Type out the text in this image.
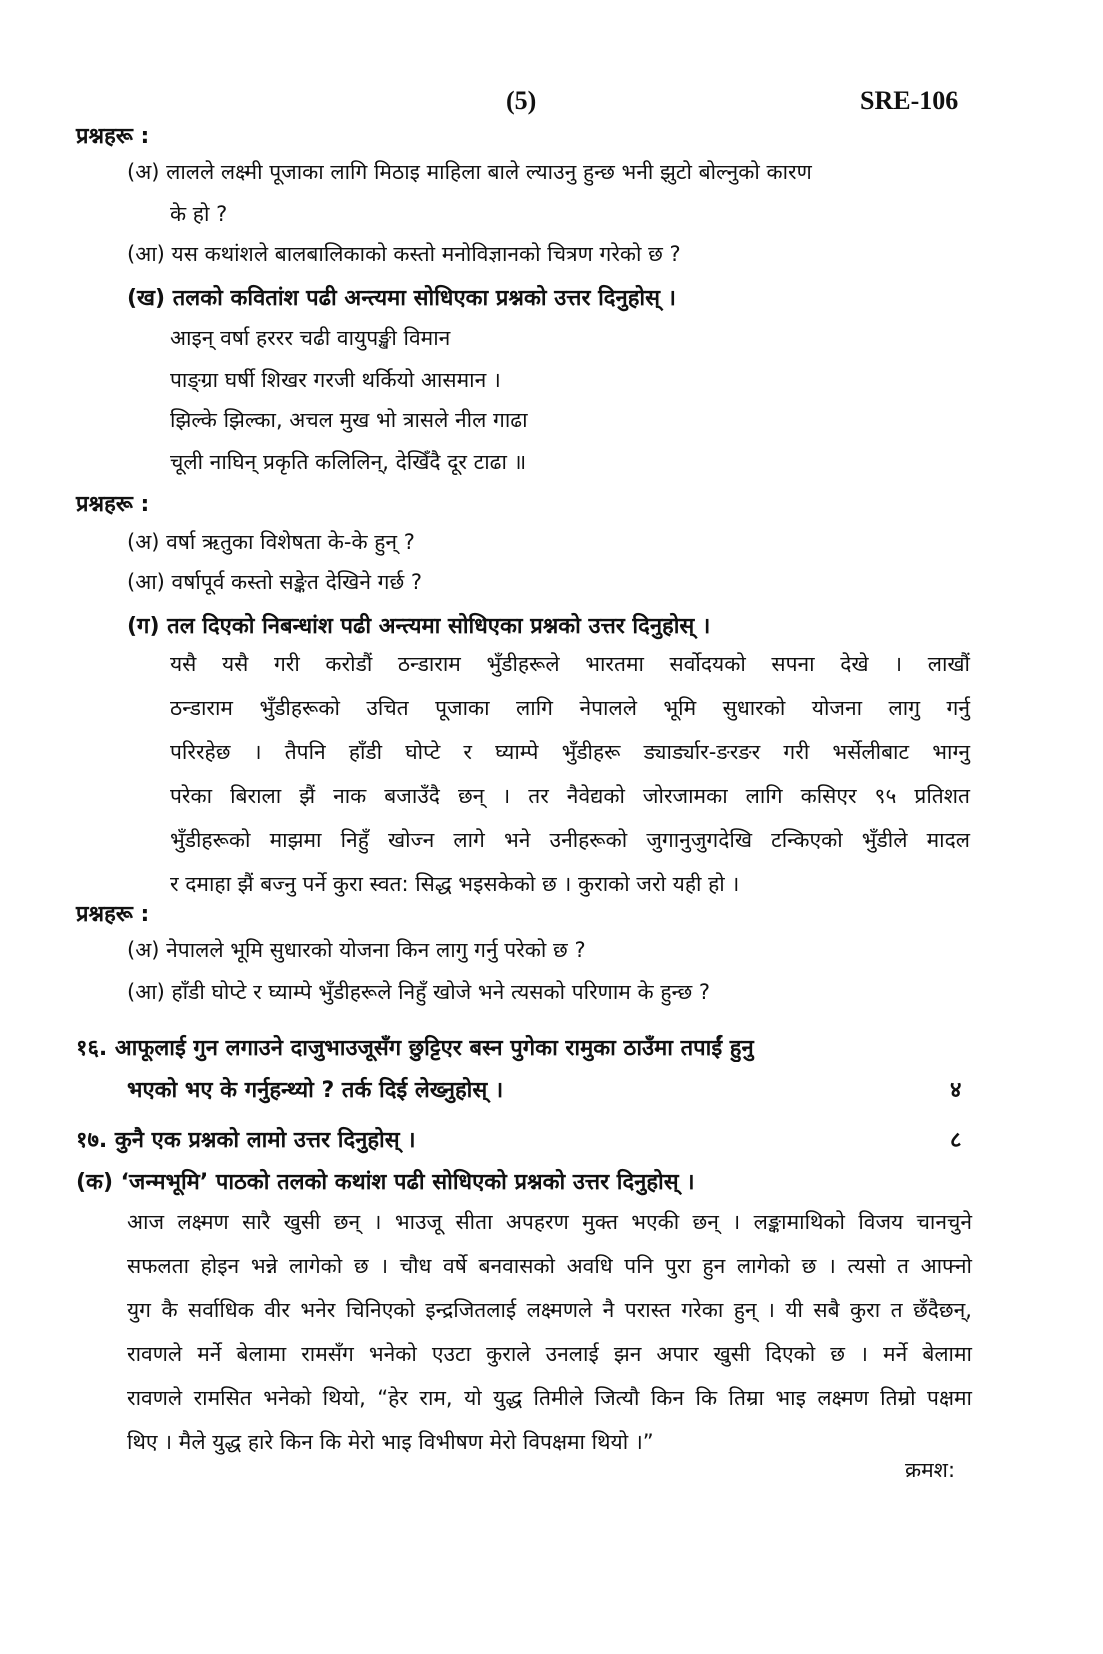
(5)	SRE-106
प्रश्नहरू :
(अ) लालले लक्ष्मी पूजाका लागि मिठाइ माहिला बाले ल्याउनु हुन्छ भनी झुटो बोल्नुको कारण
के हो ?
(आ) यस कथांशले बालबालिकाको कस्तो मनोविज्ञानको चित्रण गरेको छ ?
(ख) तलको कवितांश पढी अन्त्यमा सोधिएका प्रश्नको उत्तर दिनुहोस् ।
आइन् वर्षा हररर चढी वायुपङ्खी विमान
पाङ्ग्रा घर्षी शिखर गरजी थर्कियो आसमान ।
झिल्के झिल्का, अचल मुख भो त्रासले नील गाढा
चूली नाघिन् प्रकृति कलिलिन्, देखिँदै दूर टाढा ॥
प्रश्नहरू :
(अ) वर्षा ऋतुका विशेषता के-के हुन् ?
(आ) वर्षापूर्व कस्तो सङ्केत देखिने गर्छ ?
(ग) तल दिएको निबन्धांश पढी अन्त्यमा सोधिएका प्रश्नको उत्तर दिनुहोस् ।
यसै यसै गरी करोडौं ठन्डाराम भुँडीहरूले भारतमा सर्वोदयको सपना देखे । लाखौं
ठन्डाराम भुँडीहरूको उचित पूजाका लागि नेपालले भूमि सुधारको योजना लागु गर्नु
परिरहेछ । तैपनि हाँडी घोप्टे र घ्याम्पे भुँडीहरू ड्यार्ड्यार-ङरङर गरी भर्सेलीबाट भाग्नु
परेका बिराला झैं नाक बजाउँदै छन् । तर नैवेद्यको जोरजामका लागि कसिएर ९५ प्रतिशत
भुँडीहरूको माझमा निहुँ खोज्न लागे भने उनीहरूको जुगानुजुगदेखि टन्किएको भुँडीले मादल
र दमाहा झैं बज्नु पर्ने कुरा स्वत: सिद्ध भइसकेको छ । कुराको जरो यही हो ।
प्रश्नहरू :
(अ) नेपालले भूमि सुधारको योजना किन लागु गर्नु परेको छ ?
(आ) हाँडी घोप्टे र घ्याम्पे भुँडीहरूले निहुँ खोजे भने त्यसको परिणाम के हुन्छ ?
१६. आफूलाई गुन लगाउने दाजुभाउजूसँग छुट्टिएर बस्न पुगेका रामुका ठाउँमा तपाईं हुनु
भएको भए के गर्नुहन्थ्यो ? तर्क दिई लेख्नुहोस् ।	४
१७. कुनै एक प्रश्नको लामो उत्तर दिनुहोस् ।	८
(क) ‘जन्मभूमि’ पाठको तलको कथांश पढी सोधिएको प्रश्नको उत्तर दिनुहोस् ।
आज लक्ष्मण सारै खुसी छन् । भाउजू सीता अपहरण मुक्त भएकी छन् । लङ्कामाथिको विजय चानचुने
सफलता होइन भन्ने लागेको छ । चौध वर्षे बनवासको अवधि पनि पुरा हुन लागेको छ । त्यसो त आफ्नो
युग कै सर्वाधिक वीर भनेर चिनिएको इन्द्रजितलाई लक्ष्मणले नै परास्त गरेका हुन् । यी सबै कुरा त छँदैछन्,
रावणले मर्ने बेलामा रामसँग भनेको एउटा कुराले उनलाई झन अपार खुसी दिएको छ । मर्ने बेलामा
रावणले रामसित भनेको थियो, “हेर राम, यो युद्ध तिमीले जित्यौ किन कि तिम्रा भाइ लक्ष्मण तिम्रो पक्षमा
थिए । मैले युद्ध हारे किन कि मेरो भाइ विभीषण मेरो विपक्षमा थियो ।”
क्रमश:
